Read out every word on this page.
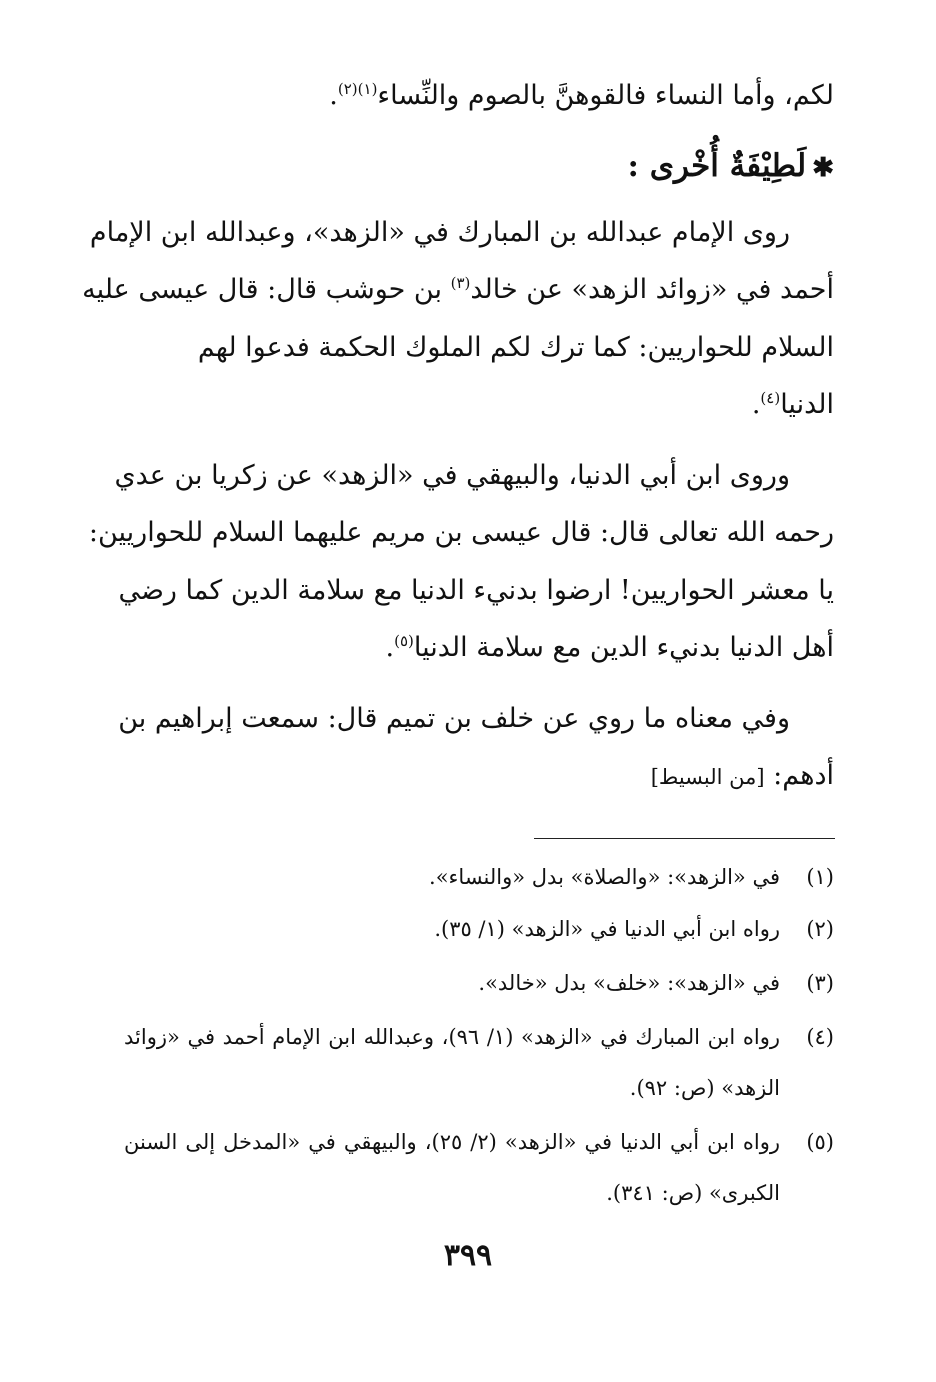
لكم، وأما النساء فالقوهنَّ بالصوم والنِّساء$^{(١)(٢)}$.
✱لَطِيْفَةٌ أُخْرى :
روى الإمام عبدالله بن المبارك في «الزهد»، وعبدالله ابن الإمام
أحمد في «زوائد الزهد» عن خالد$^{(٣)}$ بن حوشب قال: قال عيسى عليه
السلام للحواريين: كما ترك لكم الملوك الحكمة فدعوا لهم
الدنيا$^{(٤)}$.
وروى ابن أبي الدنيا، والبيهقي في «الزهد» عن زكريا بن عدي
رحمه الله تعالى قال: قال عيسى بن مريم عليهما السلام للحواريين:
يا معشر الحواريين! ارضوا بدنيء الدنيا مع سلامة الدين كما رضي
أهل الدنيا بدنيء الدين مع سلامة الدنيا$^{(٥)}$.
وفي معناه ما روي عن خلف بن تميم قال: سمعت إبراهيم بن
أدهم: [من البسيط]
(١)
في «الزهد»: «والصلاة» بدل «والنساء».
(٢)
رواه ابن أبي الدنيا في «الزهد» (١/ ٣٥).
(٣)
في «الزهد»: «خلف» بدل «خالد».
(٤)
رواه ابن المبارك في «الزهد» (١/ ٩٦)، وعبدالله ابن الإمام أحمد في «زوائد
الزهد» (ص: ٩٢).
(٥)
رواه ابن أبي الدنيا في «الزهد» (٢/ ٢٥)، والبيهقي في «المدخل إلى السنن
الكبرى» (ص: ٣٤١).
٣٩٩
